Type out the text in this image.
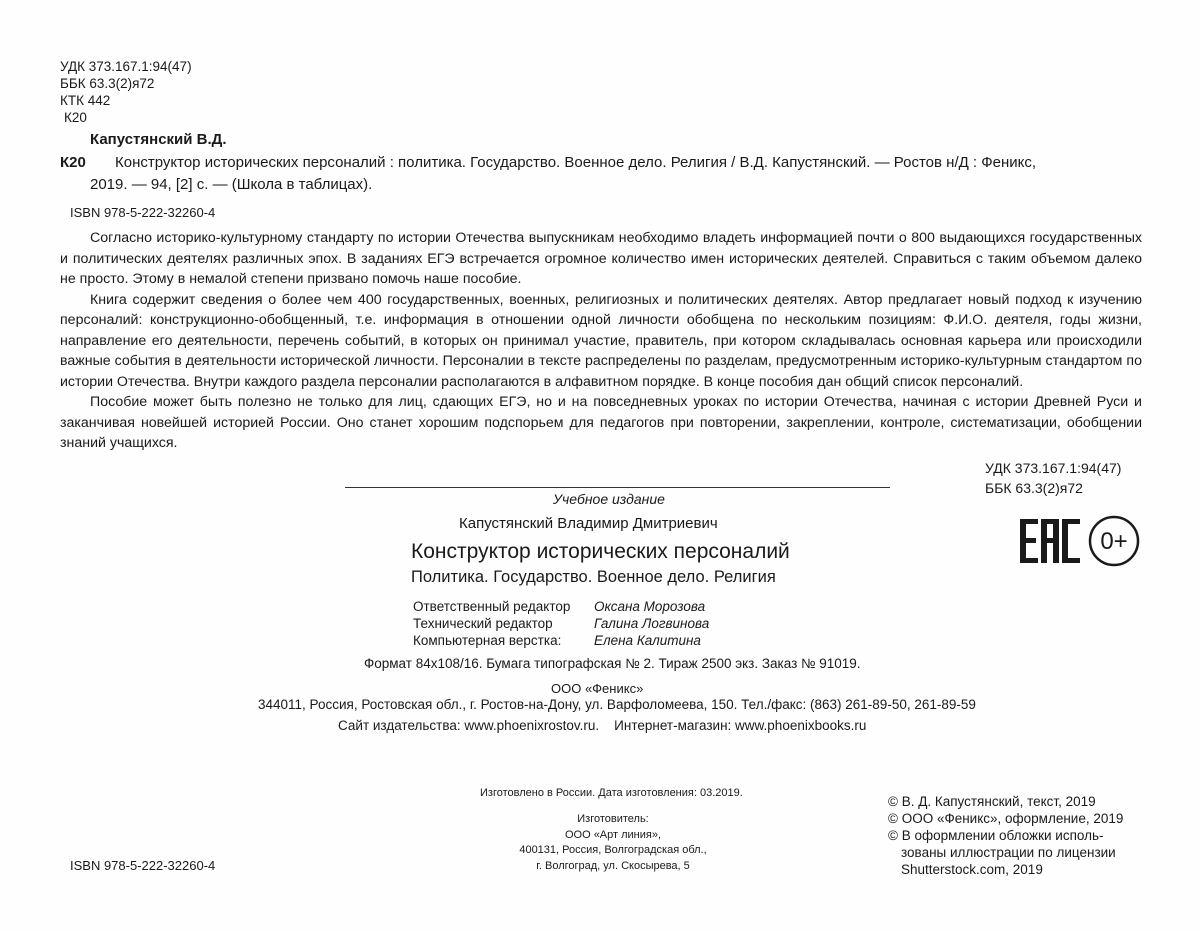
УДК 373.167.1:94(47)
ББК 63.3(2)я72
КТК 442
К20
Капустянский В.Д.
К20 Конструктор исторических персоналий : политика. Государство. Военное дело. Религия / В.Д. Капустянский. — Ростов н/Д : Феникс,
2019. — 94, [2] с. — (Школа в таблицах).
ISBN 978-5-222-32260-4

Согласно историко-культурному стандарту по истории Отечества выпускникам необходимо владеть информацией почти о 800 выдающихся государственных и политических деятелях различных эпох. В заданиях ЕГЭ встречается огромное количество имен исторических деятелей. Справиться с таким объемом далеко не просто. Этому в немалой степени призвано помочь наше пособие.

Книга содержит сведения о более чем 400 государственных, военных, религиозных и политических деятелях. Автор предлагает новый подход к изучению персоналий: конструкционно-обобщенный, т.е. информация в отношении одной личности обобщена по нескольким позициям: Ф.И.О. деятеля, годы жизни, направление его деятельности, перечень событий, в которых он принимал участие, правитель, при котором складывалась основная карьера или происходили важные события в деятельности исторической личности. Персоналии в тексте распределены по разделам, предусмотренным историко-культурным стандартом по истории Отечества. Внутри каждого раздела персоналии располагаются в алфавитном порядке. В конце пособия дан общий список персоналий.

Пособие может быть полезно не только для лиц, сдающих ЕГЭ, но и на повседневных уроках по истории Отечества, начиная с истории Древней Руси и заканчивая новейшей историей России. Оно станет хорошим подспорьем для педагогов при повторении, закреплении, контроле, систематизации, обобщении знаний учащихся.

УДК 373.167.1:94(47)
ББК 63.3(2)я72
Учебное издание
Капустянский Владимир Дмитриевич
Конструктор исторических персоналий
Политика. Государство. Военное дело. Религия
Ответственный редактор	Оксана Морозова
Технический редактор	Галина Логвинова
Компьютерная верстка:	Елена Калитина
Формат 84x108/16. Бумага типографская № 2. Тираж 2500 экз. Заказ № 91019.
ООО «Феникс»
344011, Россия, Ростовская обл., г. Ростов-на-Дону, ул. Варфоломеева, 150. Тел./факс: (863) 261-89-50, 261-89-59
Сайт издательства: www.phoenixrostov.ru.    Интернет-магазин: www.phoenixbooks.ru
0+
Изготовлено в России. Дата изготовления: 03.2019.
Изготовитель:
ООО «Арт линия»,
400131, Россия, Волгоградская обл.,
г. Волгоград, ул. Скосырева, 5
© В. Д. Капустянский, текст, 2019
© ООО «Феникс», оформление, 2019
© В оформлении обложки исполь-
зованы иллюстрации по лицензии
Shutterstock.com, 2019
ISBN 978-5-222-32260-4
